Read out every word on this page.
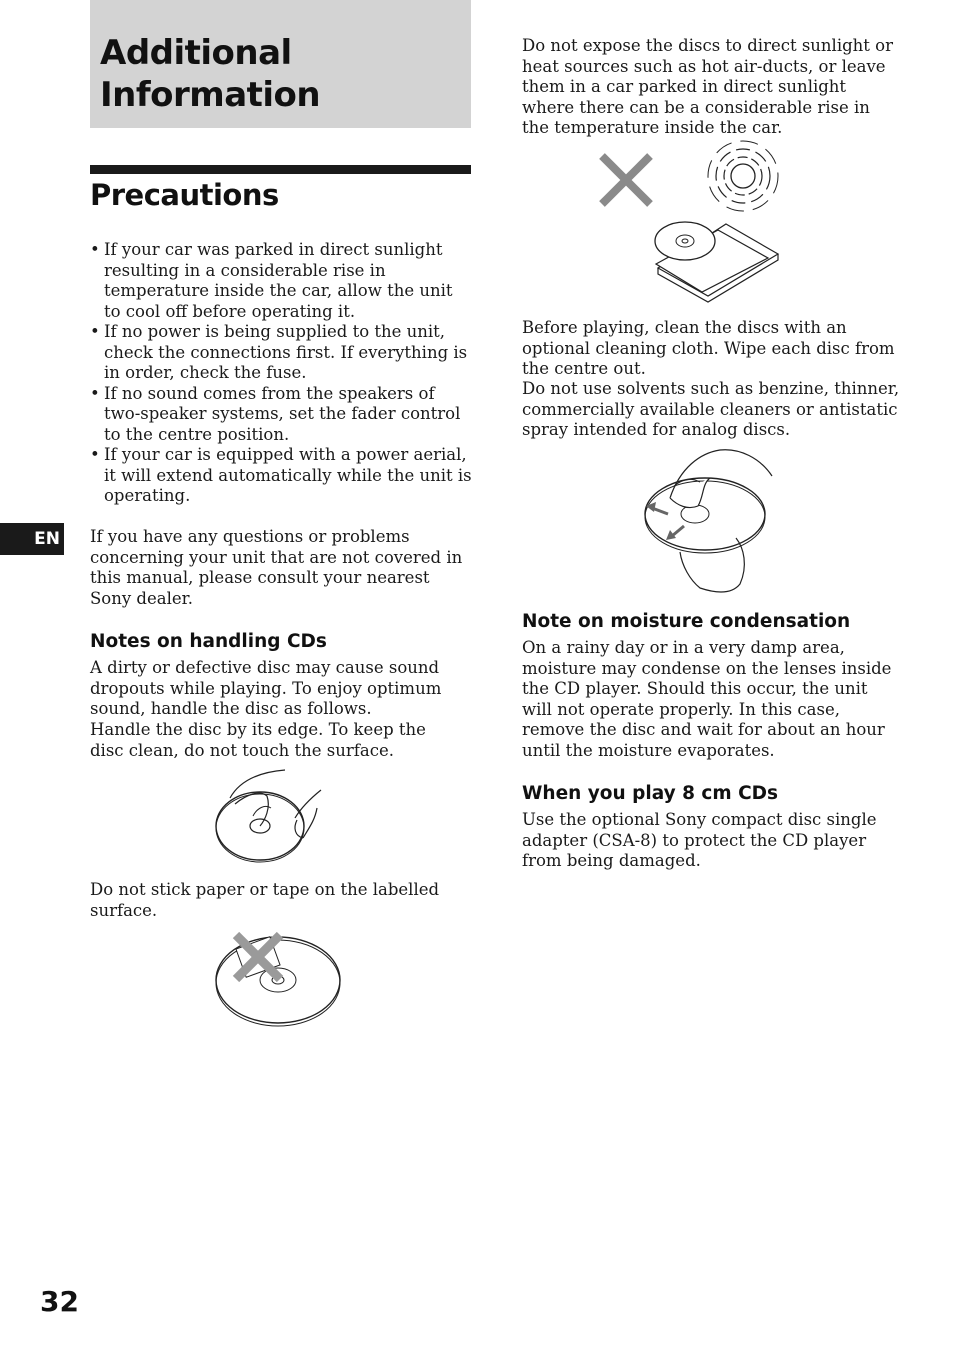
Additional Information
Precautions
• If your car was parked in direct sunlight resulting in a considerable rise in temperature inside the car, allow the unit to cool off before operating it.
• If no power is being supplied to the unit, check the connections first. If everything is in order, check the fuse.
• If no sound comes from the speakers of two-speaker systems, set the fader control to the centre position.
• If your car is equipped with a power aerial, it will extend automatically while the unit is operating.

If you have any questions or problems concerning your unit that are not covered in this manual, please consult your nearest Sony dealer.

Notes on handling CDs

A dirty or defective disc may cause sound dropouts while playing. To enjoy optimum sound, handle the disc as follows.

Handle the disc by its edge. To keep the disc clean, do not touch the surface.

Do not stick paper or tape on the labelled surface.

Do not expose the discs to direct sunlight or heat sources such as hot air-ducts, or leave them in a car parked in direct sunlight where there can be a considerable rise in the temperature inside the car.

Before playing, clean the discs with an optional cleaning cloth. Wipe each disc from the centre out.

Do not use solvents such as benzine, thinner, commercially available cleaners or antistatic spray intended for analog discs.

Note on moisture condensation

On a rainy day or in a very damp area, moisture may condense on the lenses inside the CD player. Should this occur, the unit will not operate properly. In this case, remove the disc and wait for about an hour until the moisture evaporates.

When you play 8 cm CDs

Use the optional Sony compact disc single adapter (CSA-8) to protect the CD player from being damaged.

EN
32
